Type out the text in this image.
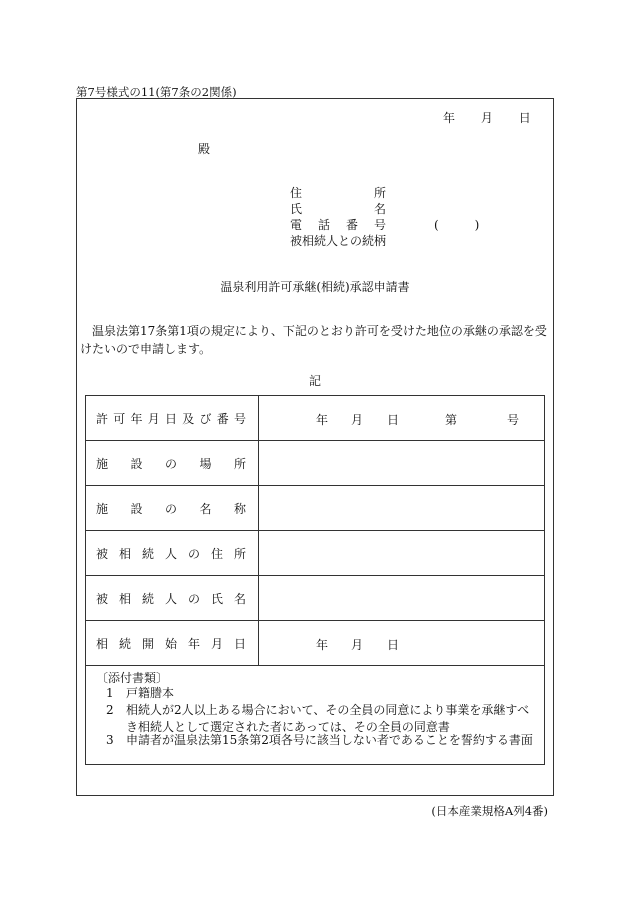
第7号様式の11(第7条の2関係)
年 月 日
殿
住所
氏名
電話番号	(　　　)
被相続人との続柄
温泉利用許可承継(相続)承認申請書
温泉法第17条第1項の規定により、下記のとおり許可を受けた地位の承継の承認を受けたいので申請します。
記
許可年月日及び番号	年 月 日 第 号

施設の場所	

施設の名称	

被相続人の住所	

被相続人の氏名	

相続開始年月日	年 月 日
〔添付書類〕
1 戸籍謄本
2 相続人が2人以上ある場合において、その全員の同意により事業を承継すべき相続人として選定された者にあっては、その全員の同意書
3 申請者が温泉法第15条第2項各号に該当しない者であることを誓約する書面
(日本産業規格A列4番)
